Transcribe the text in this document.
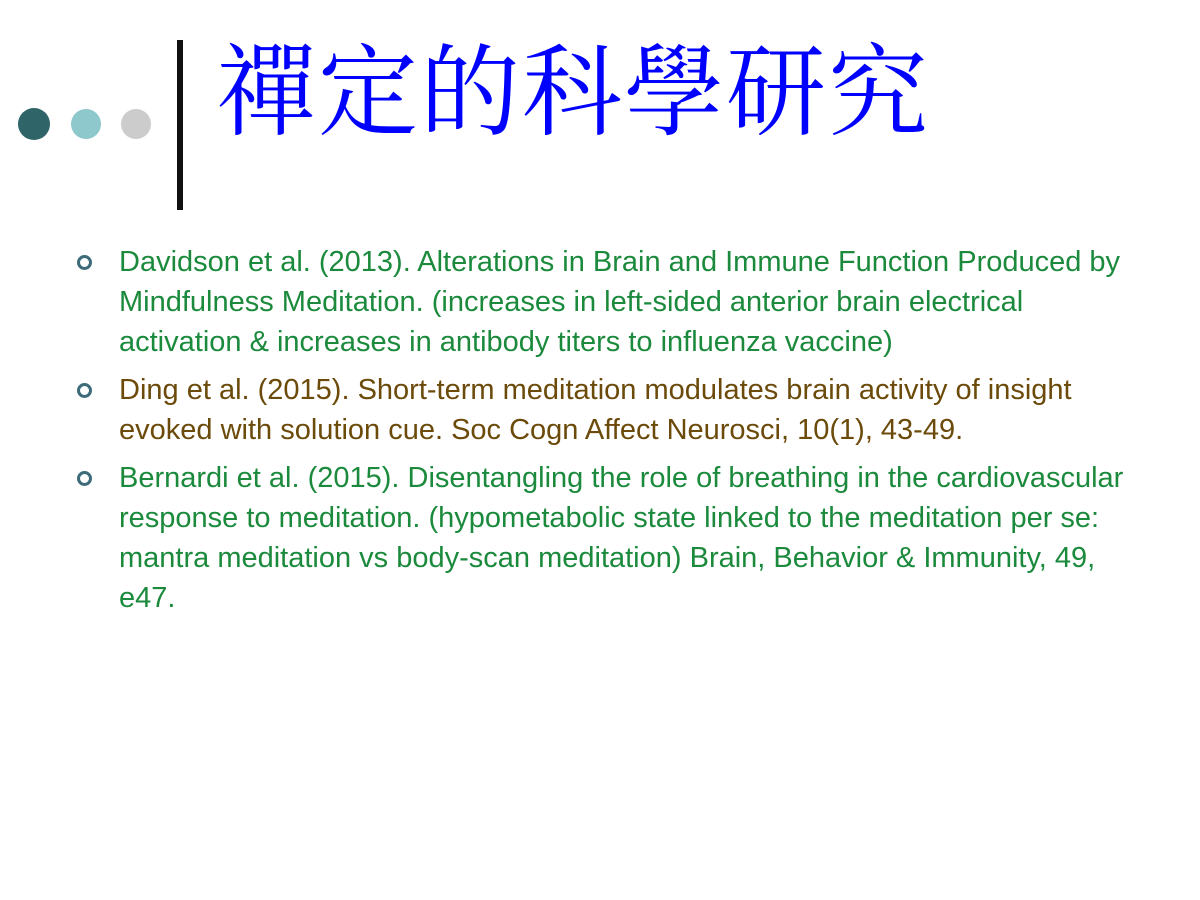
禪定的科學研究
Davidson et al. (2013). Alterations in Brain and Immune Function Produced by Mindfulness Meditation. (increases in left-sided anterior brain electrical activation & increases in antibody titers to influenza vaccine)
Ding et al. (2015). Short-term meditation modulates brain activity of insight evoked with solution cue. Soc Cogn Affect Neurosci, 10(1), 43-49.
Bernardi et al. (2015). Disentangling the role of breathing in the cardiovascular response to meditation. (hypometabolic state linked to the meditation per se: mantra meditation vs body-scan meditation) Brain, Behavior & Immunity, 49, e47.
